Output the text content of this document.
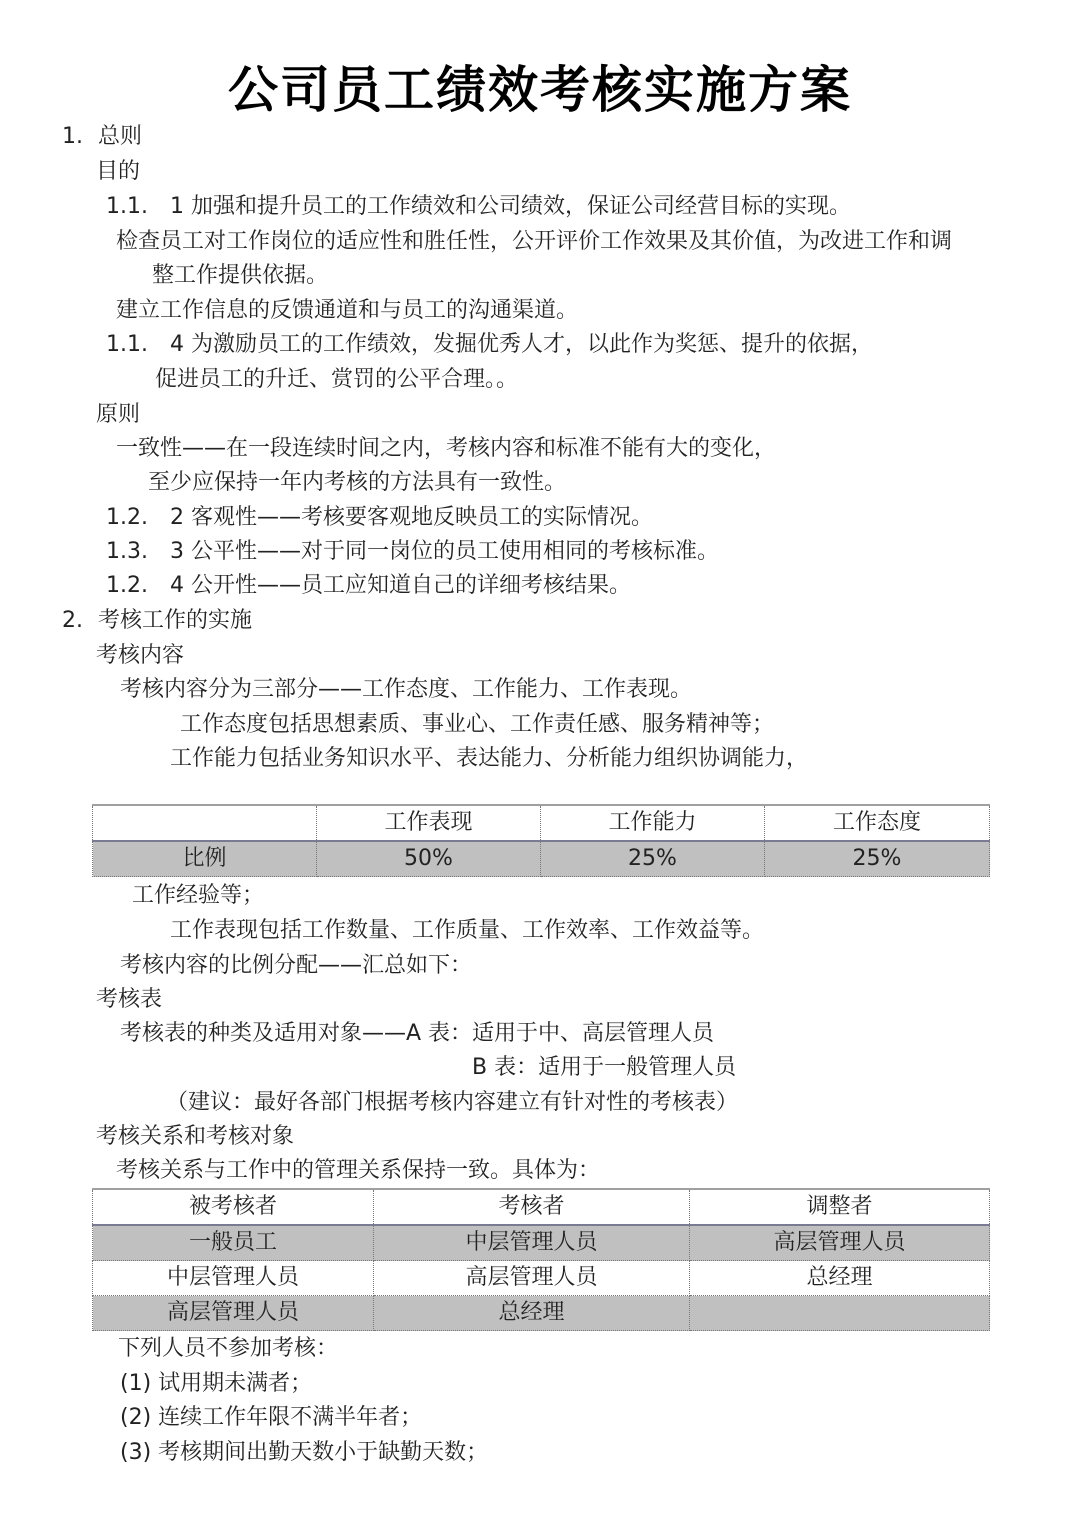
公司员工绩效考核实施方案
1. 总则
目的
1.1. 1 加强和提升员工的工作绩效和公司绩效，保证公司经营目标的实现。
检查员工对工作岗位的适应性和胜任性，公开评价工作效果及其价值，为改进工作和调
整工作提供依据。
建立工作信息的反馈通道和与员工的沟通渠道。
1.1. 4 为激励员工的工作绩效，发掘优秀人才，以此作为奖惩、提升的依据，
促进员工的升迁、赏罚的公平合理。。
原则
一致性——在一段连续时间之内，考核内容和标准不能有大的变化，
至少应保持一年内考核的方法具有一致性。
1.2. 2 客观性——考核要客观地反映员工的实际情况。
1.3. 3 公平性——对于同一岗位的员工使用相同的考核标准。
1.2. 4 公开性——员工应知道自己的详细考核结果。
2. 考核工作的实施
考核内容
考核内容分为三部分——工作态度、工作能力、工作表现。
工作态度包括思想素质、事业心、工作责任感、服务精神等；
工作能力包括业务知识水平、表达能力、分析能力组织协调能力，
	工作表现	工作能力	工作态度
比例	50%	25%	25%
工作经验等；
工作表现包括工作数量、工作质量、工作效率、工作效益等。
考核内容的比例分配——汇总如下：
考核表
考核表的种类及适用对象——A 表：适用于中、高层管理人员
B 表：适用于一般管理人员
（建议：最好各部门根据考核内容建立有针对性的考核表）
考核关系和考核对象
考核关系与工作中的管理关系保持一致。具体为：
被考核者	考核者	调整者
一般员工	中层管理人员	高层管理人员
中层管理人员	高层管理人员	总经理
高层管理人员	总经理	
下列人员不参加考核：
(1) 试用期未满者；
(2) 连续工作年限不满半年者；
(3) 考核期间出勤天数小于缺勤天数；
